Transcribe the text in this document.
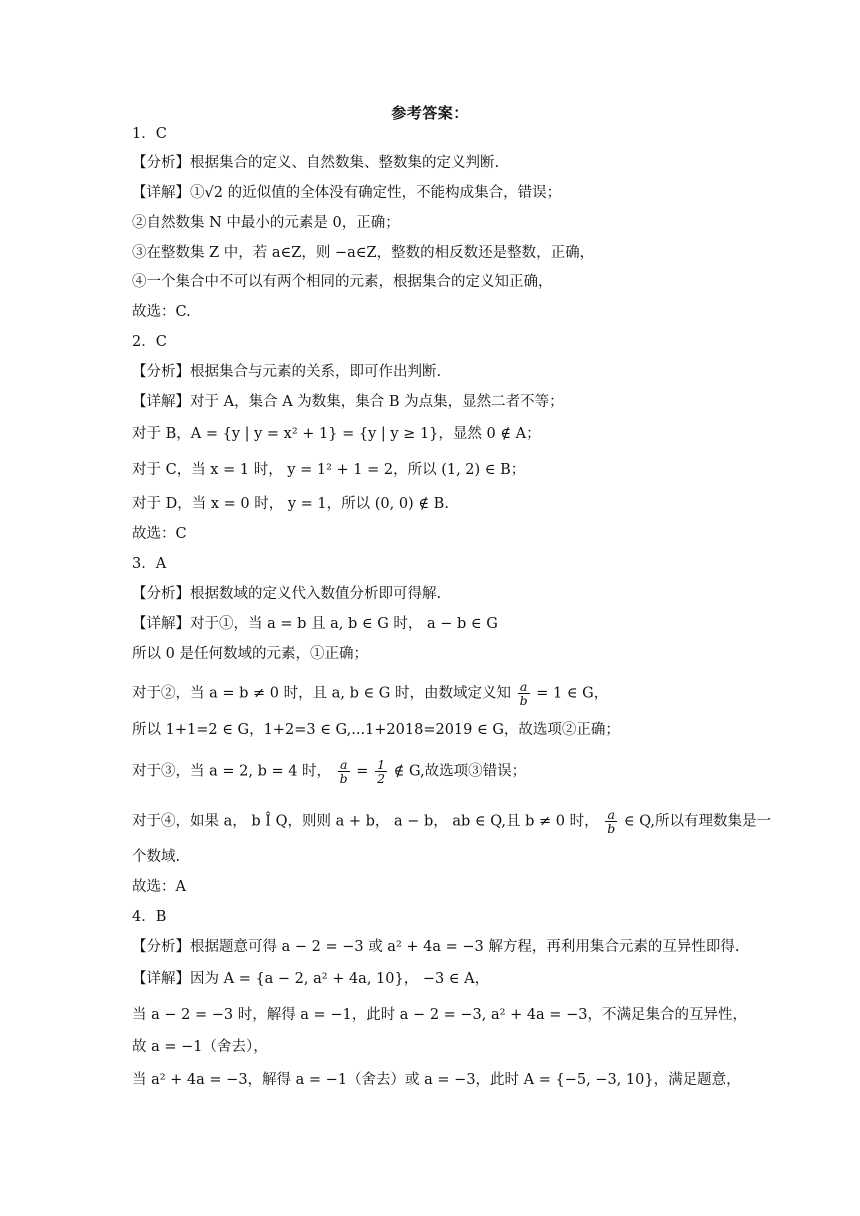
参考答案：
1．C
【分析】根据集合的定义、自然数集、整数集的定义判断.
【详解】①√2 的近似值的全体没有确定性，不能构成集合，错误；
②自然数集 N 中最小的元素是 0，正确；
③在整数集 Z 中，若 a∈Z，则 −a∈Z，整数的相反数还是整数，正确，
④一个集合中不可以有两个相同的元素，根据集合的定义知正确，
故选：C.
2．C
【分析】根据集合与元素的关系，即可作出判断.
【详解】对于 A，集合 A 为数集，集合 B 为点集，显然二者不等；
对于 B，A = {y | y = x² + 1} = {y | y ≥ 1}，显然 0 ∉ A；
对于 C，当 x = 1 时， y = 1² + 1 = 2，所以 (1, 2) ∈ B；
对于 D，当 x = 0 时， y = 1，所以 (0, 0) ∉ B.
故选：C
3．A
【分析】根据数域的定义代入数值分析即可得解.
【详解】对于①，当 a = b 且 a, b ∈ G 时， a − b ∈ G
所以 0 是任何数域的元素，①正确；
对于②，当 a = b ≠ 0 时，且 a, b ∈ G 时，由数域定义知 $\frac{a}{b} = 1$ ∈ G，
所以 1+1=2 ∈ G，1+2=3 ∈ G,...1+2018=2019 ∈ G，故选项②正确；
对于③，当 a = 2, b = 4 时， $\frac{a}{b} = \frac{1}{2}$ ∉ G,故选项③错误；
对于④，如果 a， b Î Q，则则 a + b， a − b， ab ∈ Q,且 b ≠ 0 时， $\frac{a}{b}$ ∈ Q,所以有理数集是一
个数域.
故选：A
4．B
【分析】根据题意可得 a − 2 = −3 或 a² + 4a = −3 解方程，再利用集合元素的互异性即得.
【详解】因为 A = {a − 2, a² + 4a, 10}， −3 ∈ A，
当 a − 2 = −3 时，解得 a = −1，此时 a − 2 = −3, a² + 4a = −3，不满足集合的互异性，
故 a = −1（舍去），
当 a² + 4a = −3，解得 a = −1（舍去）或 a = −3，此时 A = {−5, −3, 10}，满足题意，
